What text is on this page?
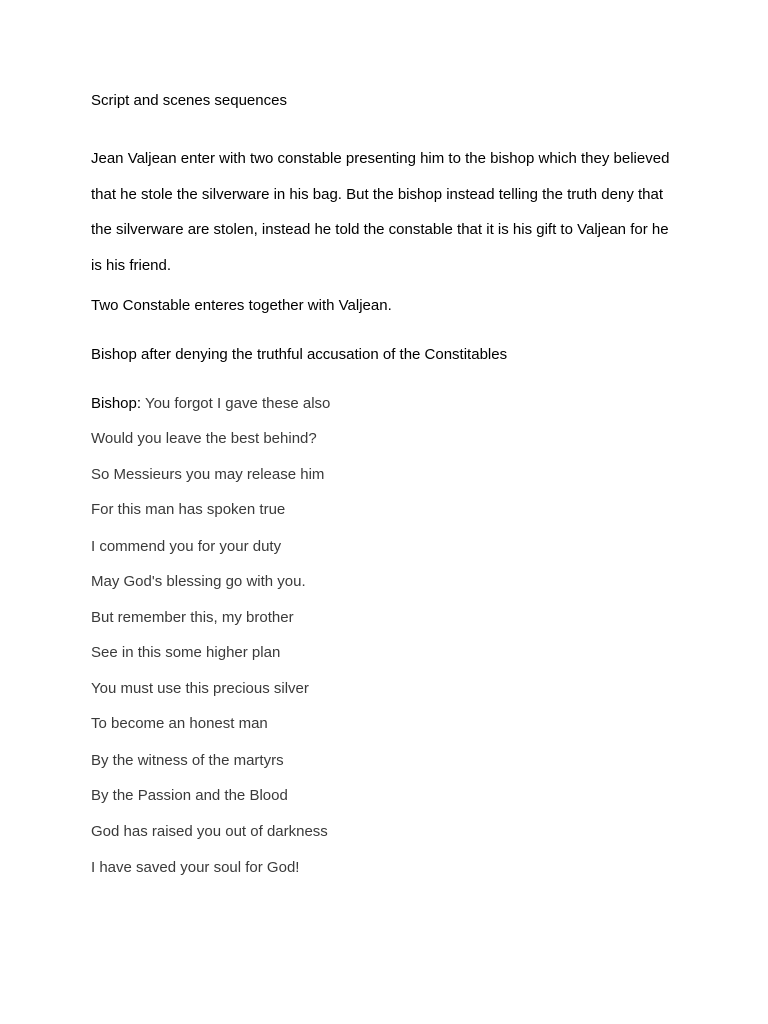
Script and scenes sequences
Jean Valjean enter with two constable presenting him to the bishop which they believed that he stole the silverware in his bag. But the bishop instead telling the truth deny that the silverware are stolen, instead he told the constable that it is his gift to Valjean for he is his friend.
Two Constable enteres together with Valjean.
Bishop after denying the truthful accusation of the Constitables
Bishop: You forgot I gave these also
Would you leave the best behind?
So Messieurs you may release him
For this man has spoken true
I commend you for your duty
May God's blessing go with you.
But remember this, my brother
See in this some higher plan
You must use this precious silver
To become an honest man
By the witness of the martyrs
By the Passion and the Blood
God has raised you out of darkness
I have saved your soul for God!
